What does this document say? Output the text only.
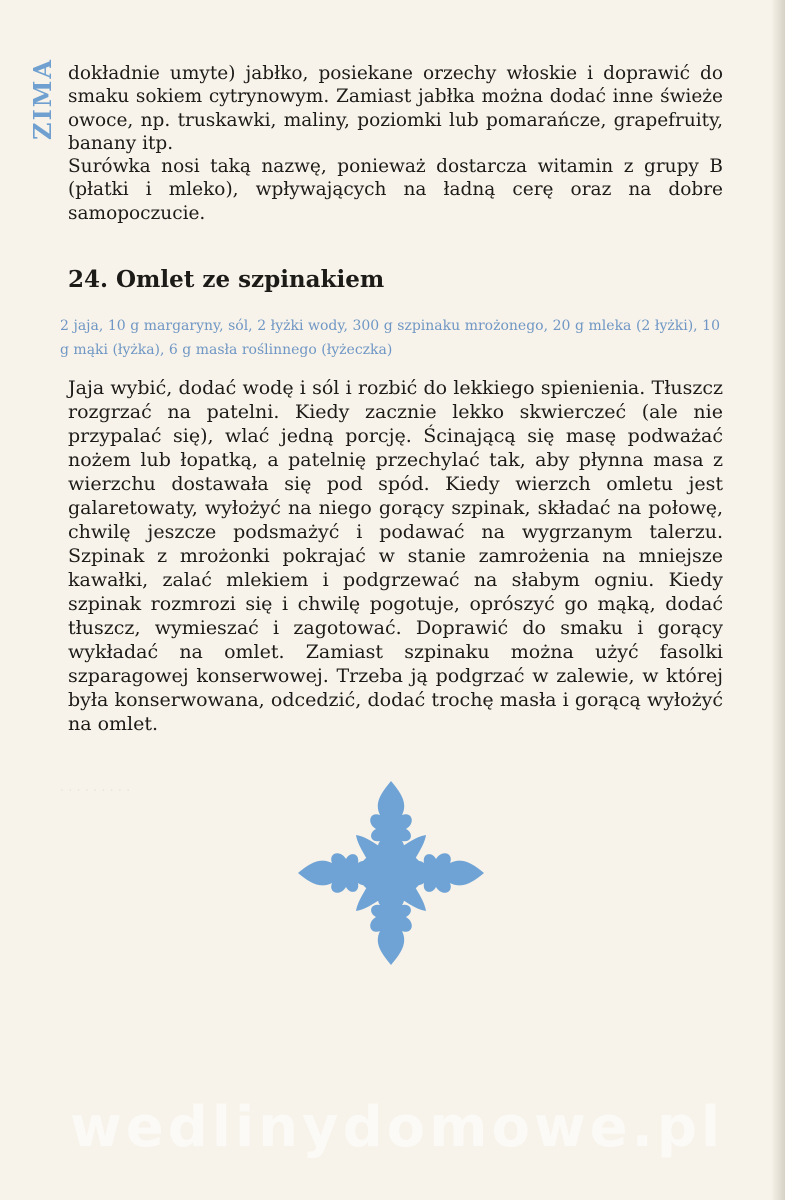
ZIMA dokładnie umyte) jabłko, posiekane orzechy włoskie i doprawić do smaku sokiem cytrynowym. Zamiast jabłka można dodać inne świeże owoce, np. truskawki, maliny, poziomki lub pomarańcze, grapefruity, banany itp.

Surówka nosi taką nazwę, ponieważ dostarcza witamin z grupy B (płatki i mleko), wpływających na ładną cerę oraz na dobre samopoczucie.

24. Omlet ze szpinakiem

2 jaja, 10 g margaryny, sól, 2 łyżki wody, 300 g szpinaku mrożonego, 20 g mleka (2 łyżki), 10 g mąki (łyżka), 6 g masła roślinnego (łyżeczka)

Jaja wybić, dodać wodę i sól i rozbić do lekkiego spienienia. Tłuszcz rozgrzać na patelni. Kiedy zacznie lekko skwierczeć (ale nie przypalać się), wlać jedną porcję. Ścinającą się masę podważać nożem lub łopatką, a patelnię przechylać tak, aby płynna masa z wierzchu dostawała się pod spód. Kiedy wierzch omletu jest galaretowaty, wyłożyć na niego gorący szpinak, składać na połowę, chwilę jeszcze podsmażyć i podawać na wygrzanym talerzu. Szpinak z mrożonki pokrajać w stanie zamrożenia na mniejsze kawałki, zalać mlekiem i podgrzewać na słabym ogniu. Kiedy szpinak rozmrozi się i chwilę pogotuje, oprószyć go mąką, dodać tłuszcz, wymieszać i zagotować. Doprawić do smaku i gorący wykładać na omlet. Zamiast szpinaku można użyć fasolki szparagowej konserwowej. Trzeba ją podgrzać w zalewie, w której była konserwowana, odcedzić, dodać trochę masła i gorącą wyłożyć na omlet.

. . . . . . . . .
wedlinydomowe.pl
